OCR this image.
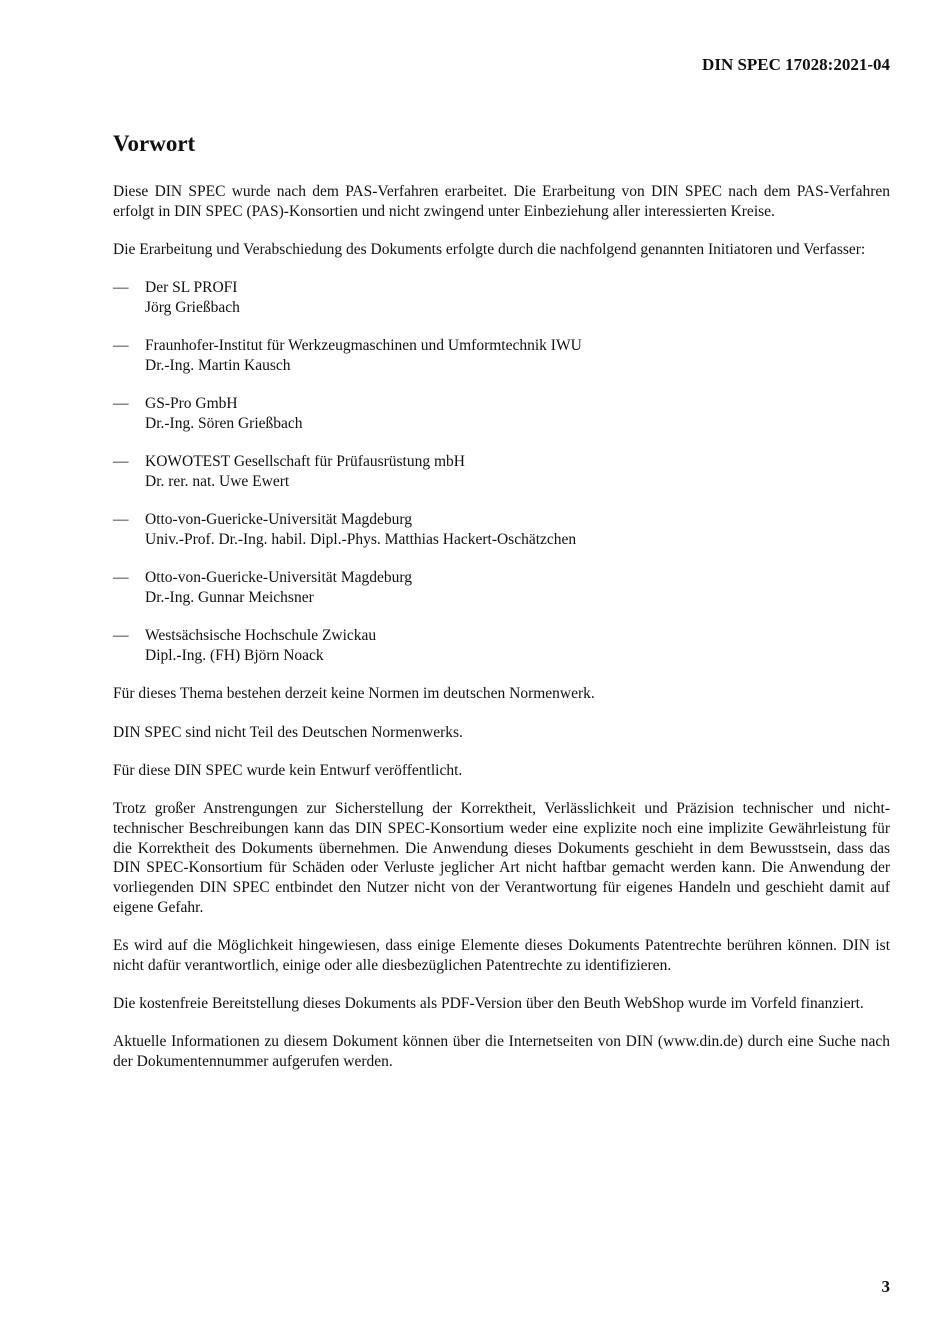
DIN SPEC 17028:2021-04
Vorwort

Diese DIN SPEC wurde nach dem PAS-Verfahren erarbeitet. Die Erarbeitung von DIN SPEC nach dem PAS-Verfahren erfolgt in DIN SPEC (PAS)-Konsortien und nicht zwingend unter Einbeziehung aller interessierten Kreise.

Die Erarbeitung und Verabschiedung des Dokuments erfolgte durch die nachfolgend genannten Initiatoren und Verfasser:

— Der SL PROFI
Jörg Grießbach
— Fraunhofer-Institut für Werkzeugmaschinen und Umformtechnik IWU
Dr.-Ing. Martin Kausch
— GS-Pro GmbH
Dr.-Ing. Sören Grießbach
— KOWOTEST Gesellschaft für Prüfausrüstung mbH
Dr. rer. nat. Uwe Ewert
— Otto-von-Guericke-Universität Magdeburg
Univ.-Prof. Dr.-Ing. habil. Dipl.-Phys. Matthias Hackert-Oschätzchen
— Otto-von-Guericke-Universität Magdeburg
Dr.-Ing. Gunnar Meichsner
— Westsächsische Hochschule Zwickau
Dipl.-Ing. (FH) Björn Noack

Für dieses Thema bestehen derzeit keine Normen im deutschen Normenwerk.

DIN SPEC sind nicht Teil des Deutschen Normenwerks.

Für diese DIN SPEC wurde kein Entwurf veröffentlicht.

Trotz großer Anstrengungen zur Sicherstellung der Korrektheit, Verlässlichkeit und Präzision technischer und nicht-technischer Beschreibungen kann das DIN SPEC-Konsortium weder eine explizite noch eine implizite Gewährleistung für die Korrektheit des Dokuments übernehmen. Die Anwendung dieses Dokuments geschieht in dem Bewusstsein, dass das DIN SPEC-Konsortium für Schäden oder Verluste jeglicher Art nicht haftbar gemacht werden kann. Die Anwendung der vorliegenden DIN SPEC entbindet den Nutzer nicht von der Verantwortung für eigenes Handeln und geschieht damit auf eigene Gefahr.

Es wird auf die Möglichkeit hingewiesen, dass einige Elemente dieses Dokuments Patentrechte berühren können. DIN ist nicht dafür verantwortlich, einige oder alle diesbezüglichen Patentrechte zu identifizieren.

Die kostenfreie Bereitstellung dieses Dokuments als PDF-Version über den Beuth WebShop wurde im Vorfeld finanziert.

Aktuelle Informationen zu diesem Dokument können über die Internetseiten von DIN (www.din.de) durch eine Suche nach der Dokumentennummer aufgerufen werden.

3
